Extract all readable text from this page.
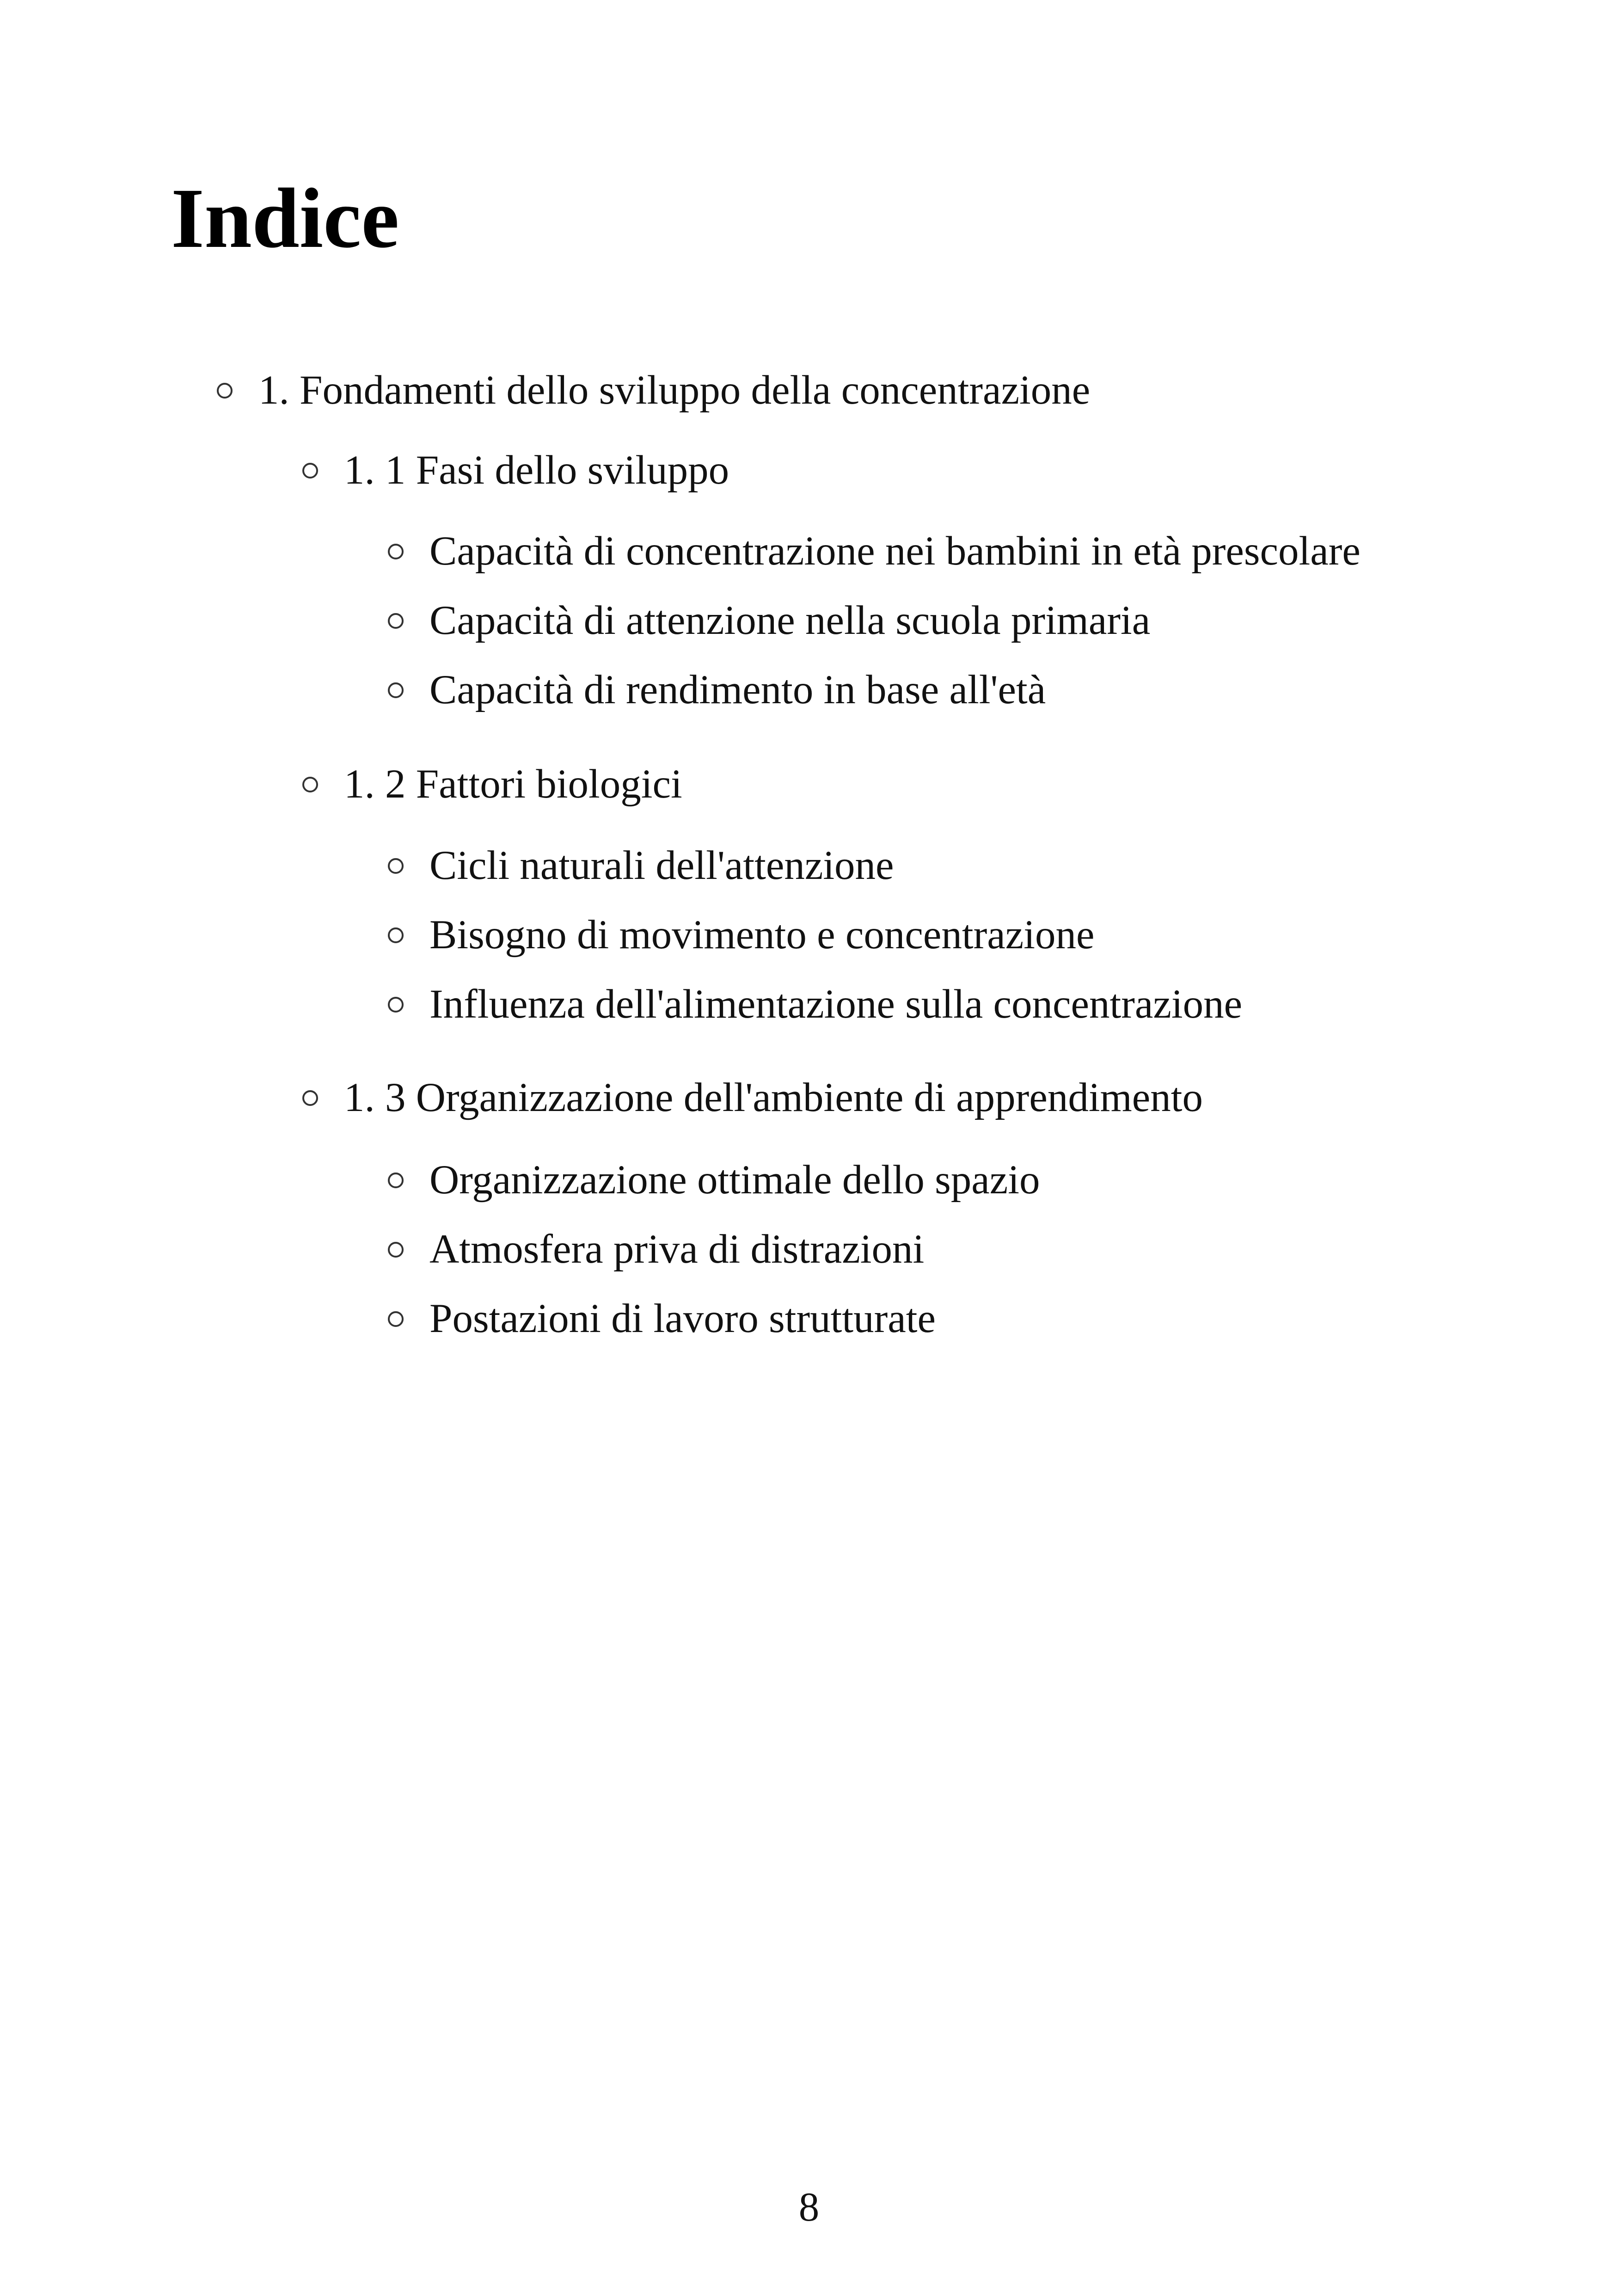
Indice
1. Fondamenti dello sviluppo della concentrazione
1. 1 Fasi dello sviluppo
Capacità di concentrazione nei bambini in età prescolare
Capacità di attenzione nella scuola primaria
Capacità di rendimento in base all'età
1. 2 Fattori biologici
Cicli naturali dell'attenzione
Bisogno di movimento e concentrazione
Influenza dell'alimentazione sulla concentrazione
1. 3 Organizzazione dell'ambiente di apprendimento
Organizzazione ottimale dello spazio
Atmosfera priva di distrazioni
Postazioni di lavoro strutturate
8
